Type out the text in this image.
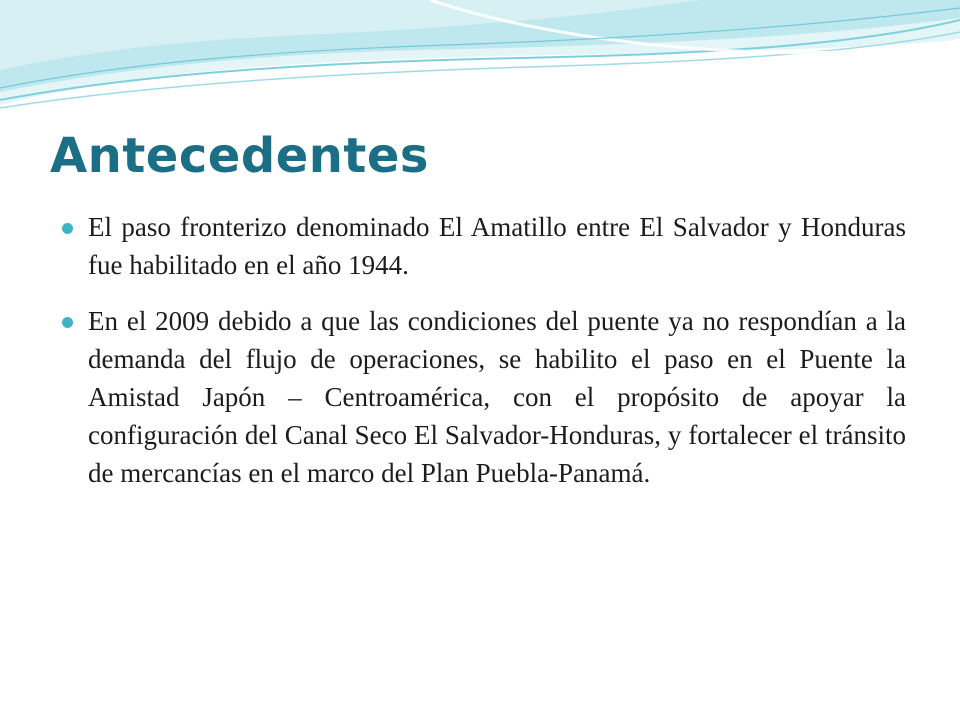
Antecedentes
El paso fronterizo denominado El Amatillo entre El Salvador y Honduras fue habilitado en el año 1944.
En el 2009 debido a que las condiciones del puente ya no respondían a la demanda del flujo de operaciones, se habilito el paso en el Puente la Amistad Japón – Centroamérica, con el propósito de apoyar la configuración del Canal Seco El Salvador-Honduras, y fortalecer el tránsito de mercancías en el marco del Plan Puebla-Panamá.
